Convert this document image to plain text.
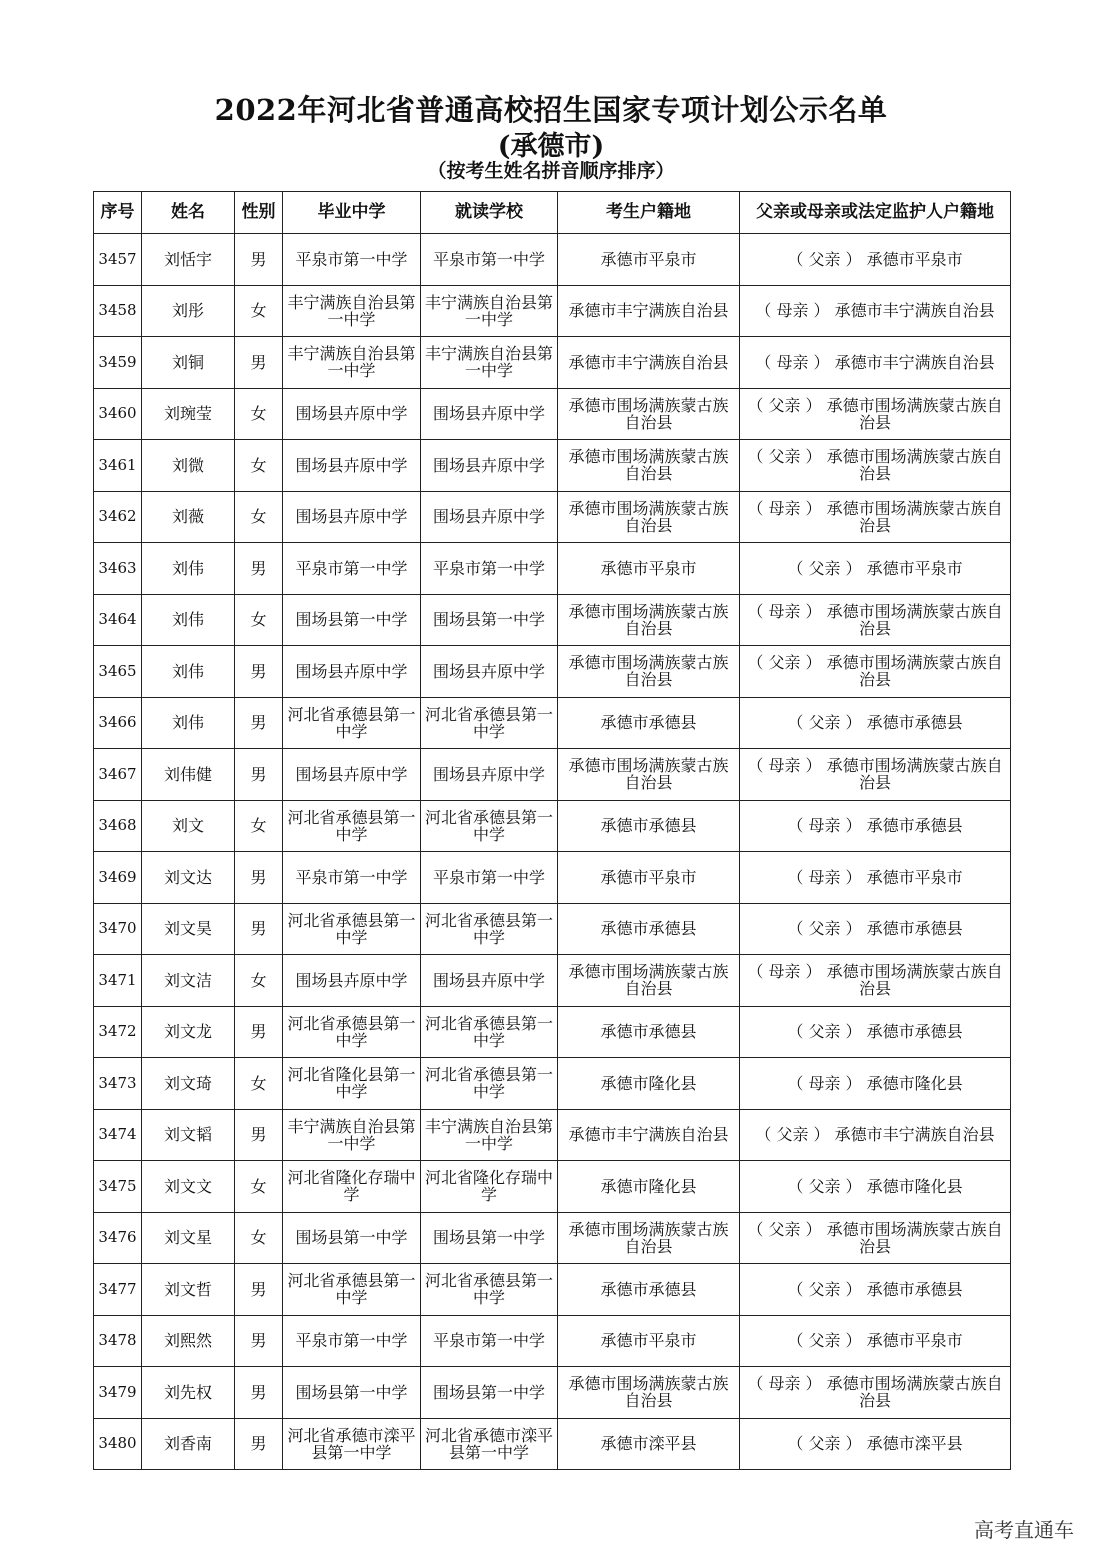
2022年河北省普通高校招生国家专项计划公示名单
(承德市)
（按考生姓名拼音顺序排序）
序号	姓名	性别	毕业中学	就读学校	考生户籍地	父亲或母亲或法定监护人户籍地
3457	刘恬宇	男	平泉市第一中学	平泉市第一中学	承德市平泉市	（ 父亲 ） 承德市平泉市
3458	刘彤	女	丰宁满族自治县第一中学	丰宁满族自治县第一中学	承德市丰宁满族自治县	（ 母亲 ） 承德市丰宁满族自治县
3459	刘铜	男	丰宁满族自治县第一中学	丰宁满族自治县第一中学	承德市丰宁满族自治县	（ 母亲 ） 承德市丰宁满族自治县
3460	刘琬莹	女	围场县卉原中学	围场县卉原中学	承德市围场满族蒙古族自治县	（ 父亲 ） 承德市围场满族蒙古族自治县
3461	刘微	女	围场县卉原中学	围场县卉原中学	承德市围场满族蒙古族自治县	（ 父亲 ） 承德市围场满族蒙古族自治县
3462	刘薇	女	围场县卉原中学	围场县卉原中学	承德市围场满族蒙古族自治县	（ 母亲 ） 承德市围场满族蒙古族自治县
3463	刘伟	男	平泉市第一中学	平泉市第一中学	承德市平泉市	（ 父亲 ） 承德市平泉市
3464	刘伟	女	围场县第一中学	围场县第一中学	承德市围场满族蒙古族自治县	（ 母亲 ） 承德市围场满族蒙古族自治县
3465	刘伟	男	围场县卉原中学	围场县卉原中学	承德市围场满族蒙古族自治县	（ 父亲 ） 承德市围场满族蒙古族自治县
3466	刘伟	男	河北省承德县第一中学	河北省承德县第一中学	承德市承德县	（ 父亲 ） 承德市承德县
3467	刘伟健	男	围场县卉原中学	围场县卉原中学	承德市围场满族蒙古族自治县	（ 母亲 ） 承德市围场满族蒙古族自治县
3468	刘文	女	河北省承德县第一中学	河北省承德县第一中学	承德市承德县	（ 母亲 ） 承德市承德县
3469	刘文达	男	平泉市第一中学	平泉市第一中学	承德市平泉市	（ 母亲 ） 承德市平泉市
3470	刘文昊	男	河北省承德县第一中学	河北省承德县第一中学	承德市承德县	（ 父亲 ） 承德市承德县
3471	刘文洁	女	围场县卉原中学	围场县卉原中学	承德市围场满族蒙古族自治县	（ 母亲 ） 承德市围场满族蒙古族自治县
3472	刘文龙	男	河北省承德县第一中学	河北省承德县第一中学	承德市承德县	（ 父亲 ） 承德市承德县
3473	刘文琦	女	河北省隆化县第一中学	河北省承德县第一中学	承德市隆化县	（ 母亲 ） 承德市隆化县
3474	刘文韬	男	丰宁满族自治县第一中学	丰宁满族自治县第一中学	承德市丰宁满族自治县	（ 父亲 ） 承德市丰宁满族自治县
3475	刘文文	女	河北省隆化存瑞中学	河北省隆化存瑞中学	承德市隆化县	（ 父亲 ） 承德市隆化县
3476	刘文星	女	围场县第一中学	围场县第一中学	承德市围场满族蒙古族自治县	（ 父亲 ） 承德市围场满族蒙古族自治县
3477	刘文哲	男	河北省承德县第一中学	河北省承德县第一中学	承德市承德县	（ 父亲 ） 承德市承德县
3478	刘熙然	男	平泉市第一中学	平泉市第一中学	承德市平泉市	（ 父亲 ） 承德市平泉市
3479	刘先权	男	围场县第一中学	围场县第一中学	承德市围场满族蒙古族自治县	（ 母亲 ） 承德市围场满族蒙古族自治县
3480	刘香南	男	河北省承德市滦平县第一中学	河北省承德市滦平县第一中学	承德市滦平县	（ 父亲 ） 承德市滦平县
高考直通车
